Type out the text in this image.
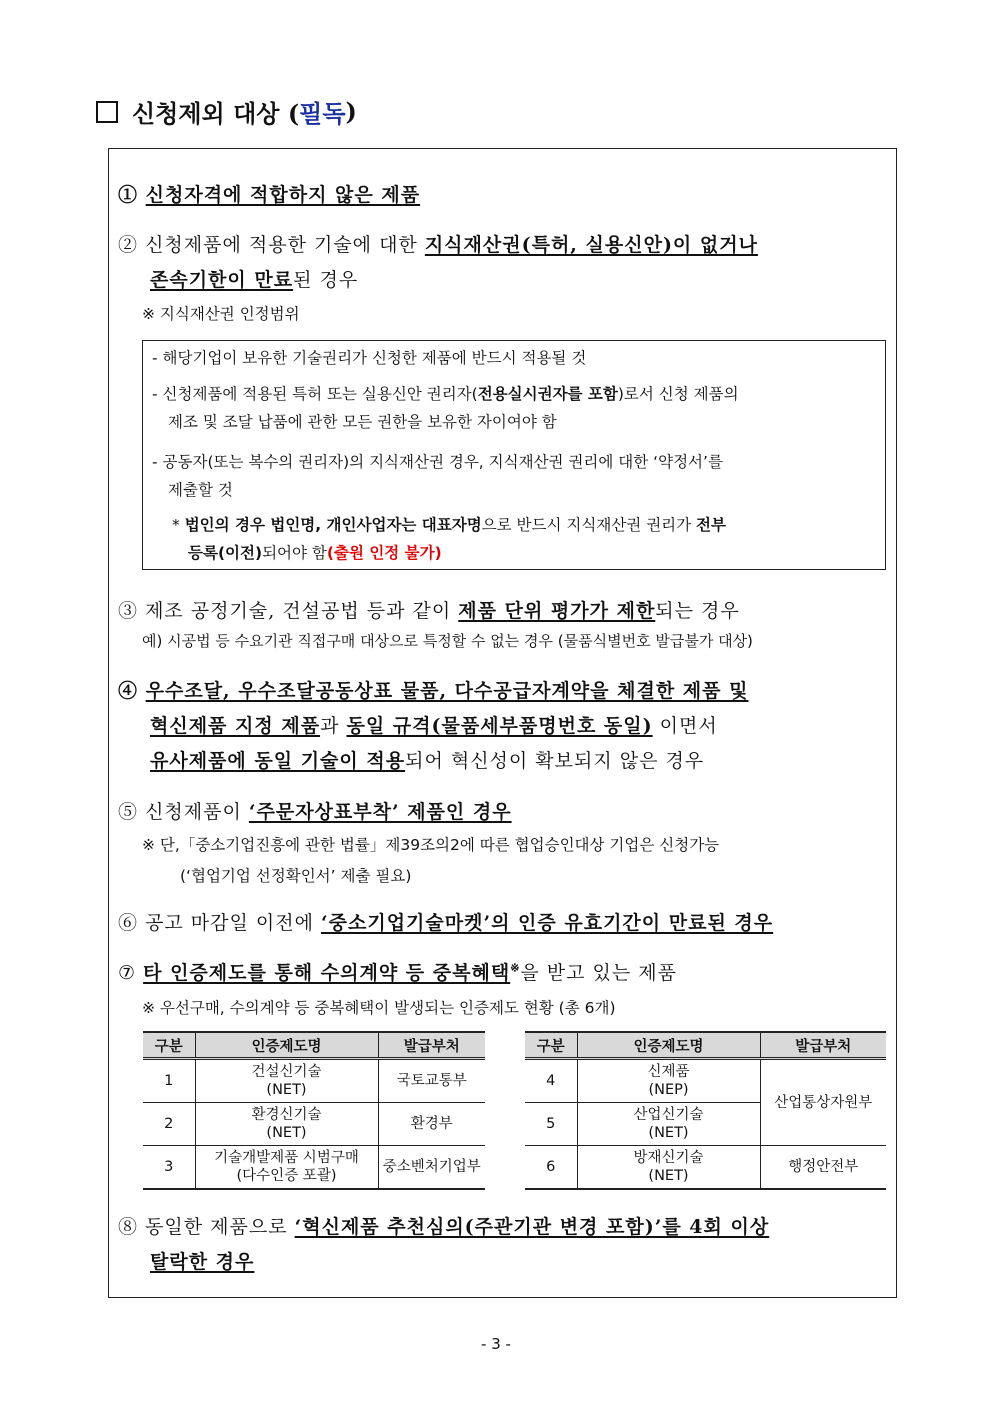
신청제외 대상 ( 필독 )
① 신청자격에 적합하지 않은 제품
② 신청제품에 적용한 기술에 대한 지식재산권(특허, 실용신안)이 없거나
존속기한이 만료된 경우
※ 지식재산권 인정범위
- 해당기업이 보유한 기술권리가 신청한 제품에 반드시 적용될 것
- 신청제품에 적용된 특허 또는 실용신안 권리자(전용실시권자를 포함)로서 신청 제품의
제조 및 조달 납품에 관한 모든 권한을 보유한 자이여야 함
- 공동자(또는 복수의 권리자)의 지식재산권 경우, 지식재산권 권리에 대한 ‘약정서’를
제출할 것
* 법인의 경우 법인명, 개인사업자는 대표자명으로 반드시 지식재산권 권리가 전부
등록(이전)되어야 함(출원 인정 불가)
③ 제조 공정기술, 건설공법 등과 같이 제품 단위 평가가 제한되는 경우
예) 시공법 등 수요기관 직접구매 대상으로 특정할 수 없는 경우 (물품식별번호 발급불가 대상)
④ 우수조달, 우수조달공동상표 물품, 다수공급자계약을 체결한 제품 및
혁신제품 지정 제품과 동일 규격(물품세부품명번호 동일) 이면서
유사제품에 동일 기술이 적용되어 혁신성이 확보되지 않은 경우
⑤ 신청제품이 ‘주문자상표부착’ 제품인 경우
※ 단,「중소기업진흥에 관한 법률」제39조의2에 따른 협업승인대상 기업은 신청가능
(‘협업기업 선정확인서’ 제출 필요)
⑥ 공고 마감일 이전에 ‘중소기업기술마켓’의 인증 유효기간이 만료된 경우
⑦ 타 인증제도를 통해 수의계약 등 중복혜택※을 받고 있는 제품
※ 우선구매, 수의계약 등 중복혜택이 발생되는 인증제도 현황 (총 6개)
구분	인증제도명	발급부처
1	건설신기술
(NET)	국토교통부
2	환경신기술
(NET)	환경부
3	기술개발제품 시범구매
(다수인증 포괄)	중소벤처기업부
구분	인증제도명	발급부처
4	신제품
(NEP)	산업통상자원부
5	산업신기술
(NET)	

6	방재신기술
(NET)	행정안전부
⑧ 동일한 제품으로 ‘혁신제품 추천심의(주관기관 변경 포함)’를 4회 이상
탈락한 경우
- 3 -
